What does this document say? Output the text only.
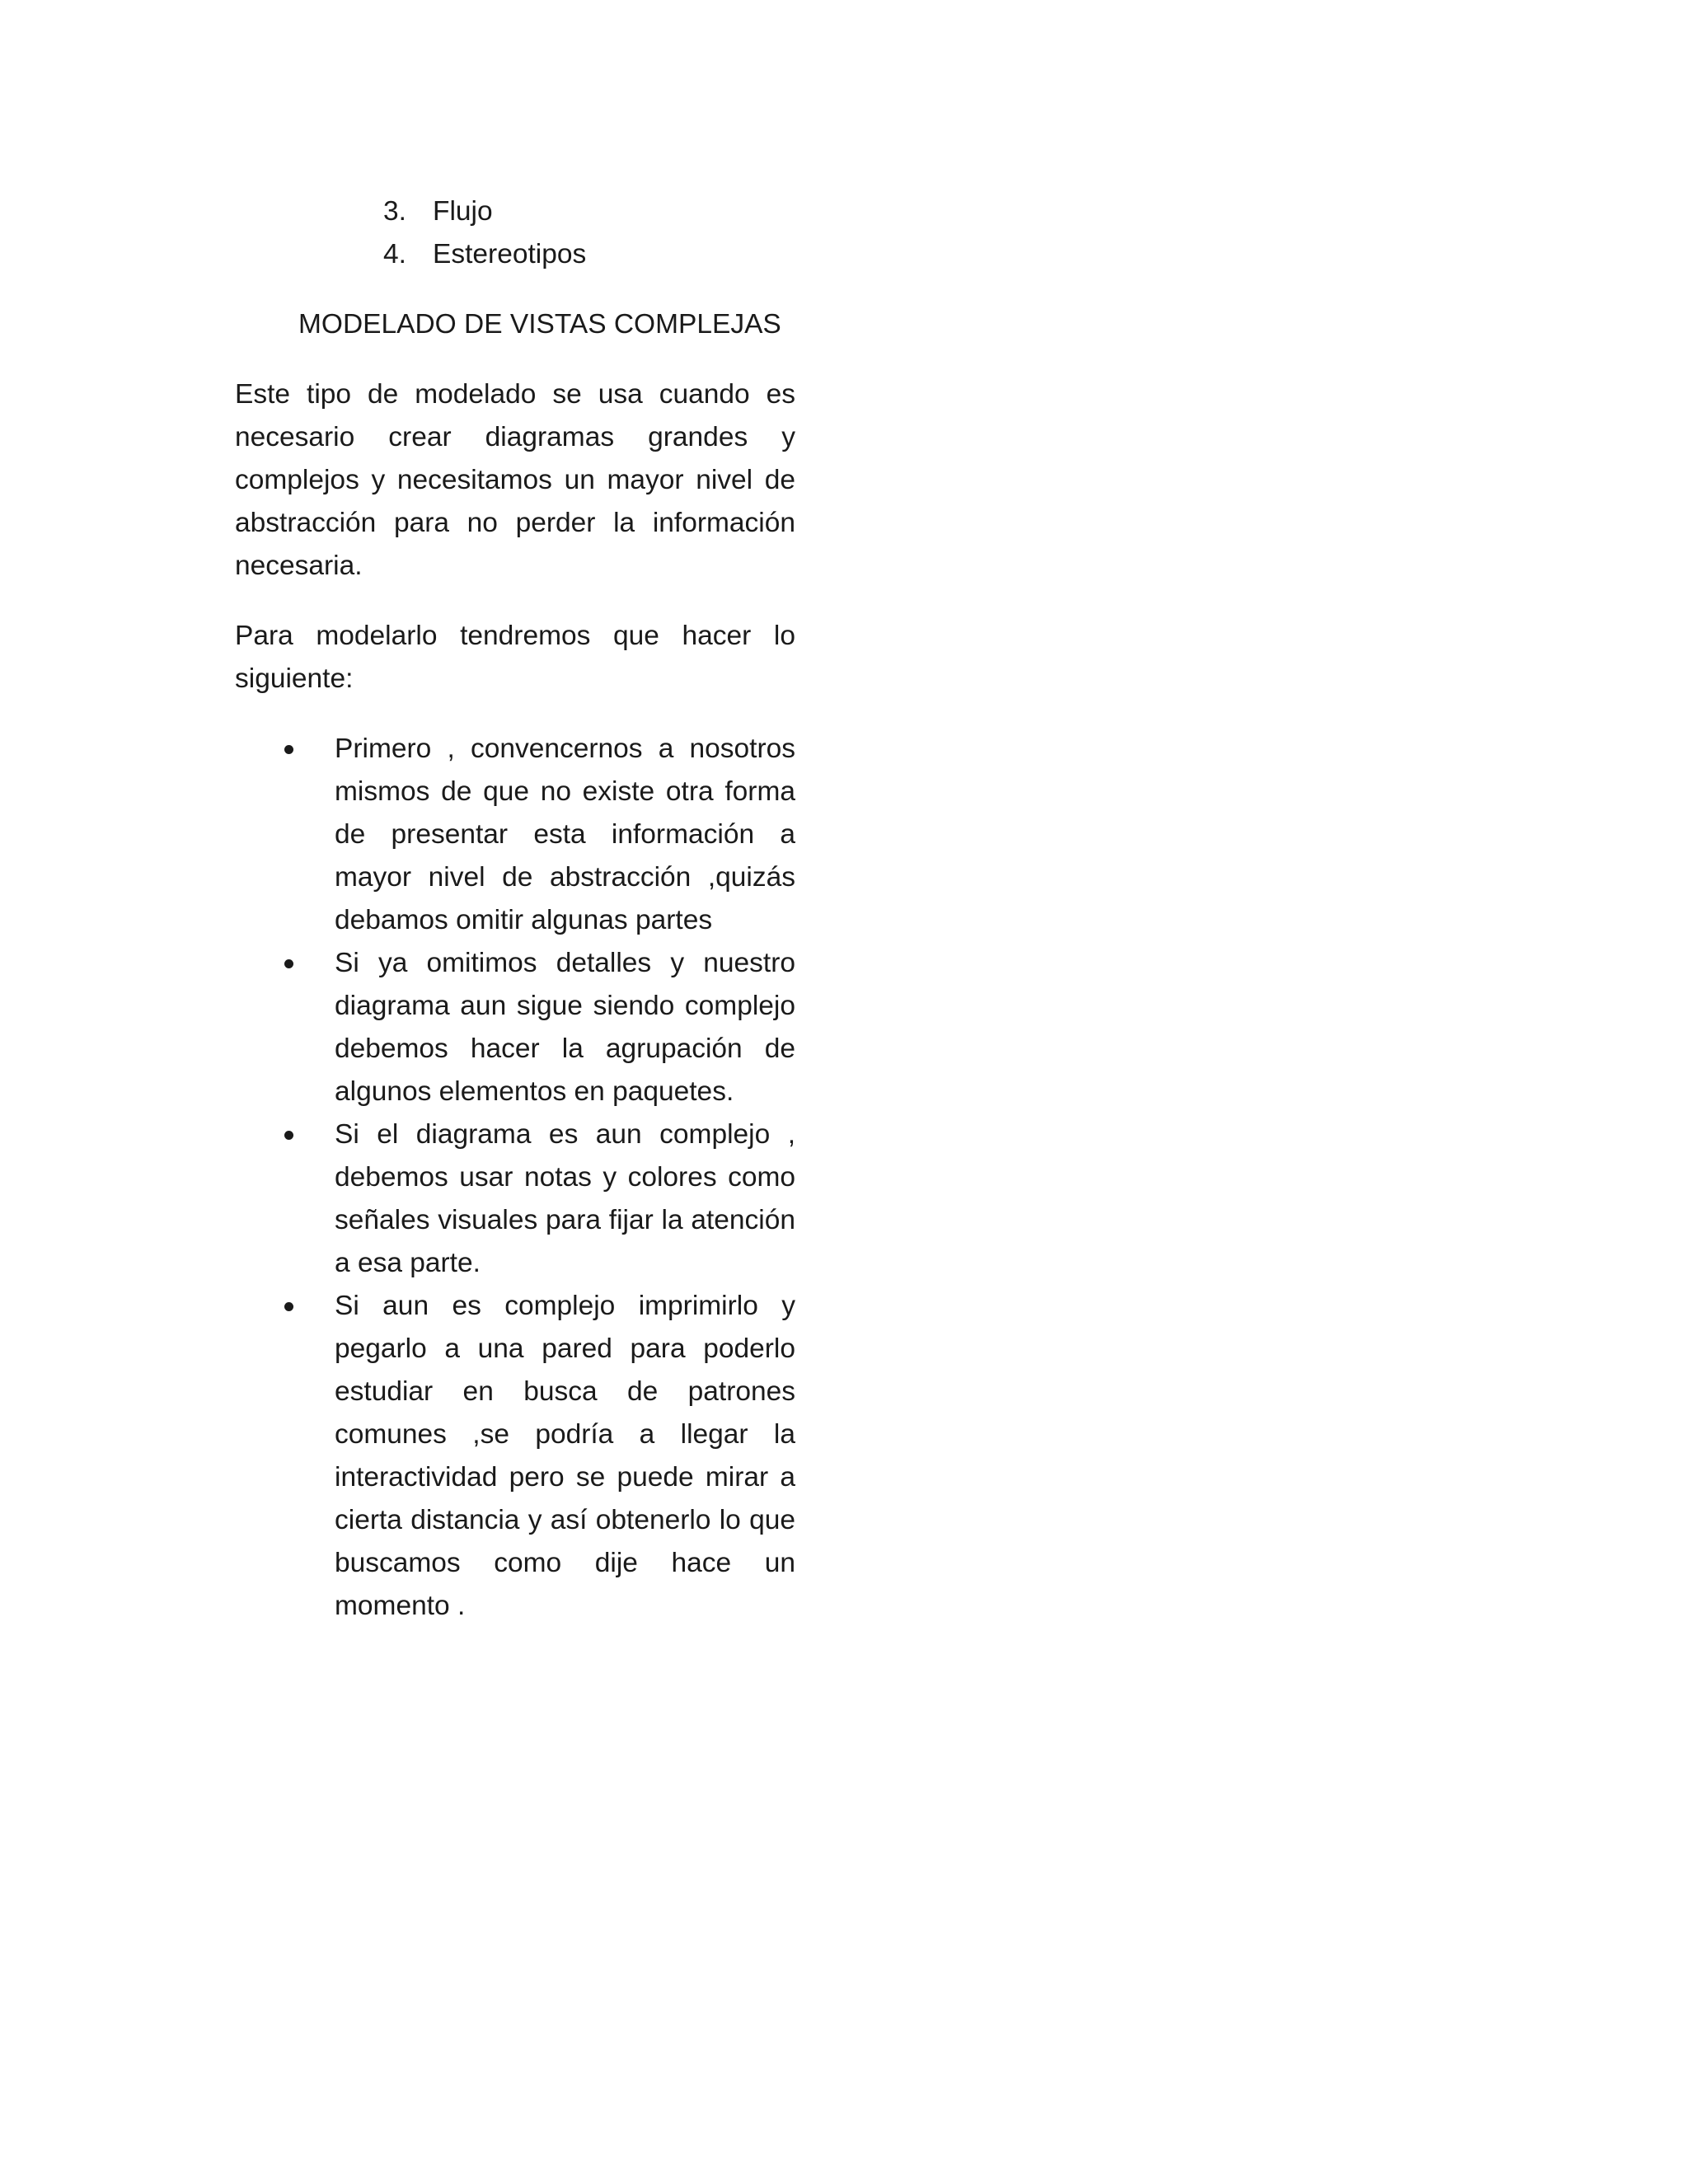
3. Flujo
4. Estereotipos
MODELADO DE VISTAS COMPLEJAS

Este tipo de modelado se usa cuando es necesario crear diagramas grandes y complejos y necesitamos un mayor nivel de abstracción para no perder la información necesaria.

Para modelarlo tendremos que hacer lo siguiente:

Primero , convencernos a nosotros mismos de que no existe otra forma de presentar esta información a mayor nivel de abstracción ,quizás debamos omitir algunas partes
Si ya omitimos detalles y nuestro diagrama aun sigue siendo complejo debemos hacer la agrupación de algunos elementos en paquetes.
Si el diagrama es aun complejo , debemos usar notas y colores como señales visuales para fijar la atención a esa parte.
Si aun es complejo imprimirlo y pegarlo a una pared para poderlo estudiar en busca de patrones comunes ,se podría a llegar la interactividad pero se puede mirar a cierta distancia y así obtenerlo lo que buscamos como dije hace un momento .
